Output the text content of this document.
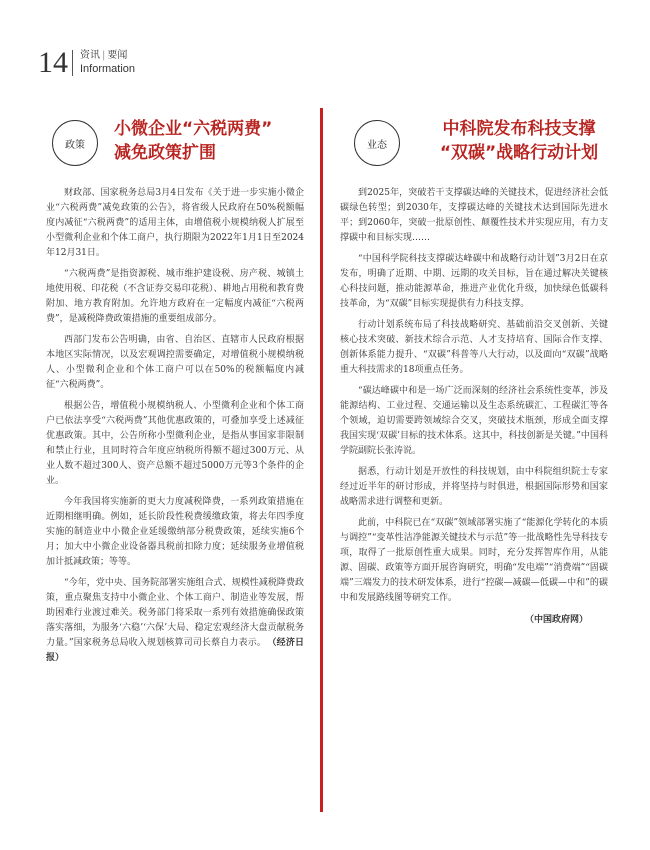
14 资讯 | 要闻
Information
政策
小微企业“六税两费”
减免政策扩围

财政部、国家税务总局3月4日发布《关于进一步实施小微企业“六税两费”减免政策的公告》，将省级人民政府在50%税额幅度内减征“六税两费”的适用主体，由增值税小规模纳税人扩展至小型微利企业和个体工商户，执行期限为2022年1月1日至2024年12月31日。

“六税两费”是指资源税、城市维护建设税、房产税、城镇土地使用税、印花税（不含证券交易印花税）、耕地占用税和教育费附加、地方教育附加。允许地方政府在一定幅度内减征“六税两费”，是减税降费政策措施的重要组成部分。

西部门发布公告明确，由省、自治区、直辖市人民政府根据本地区实际情况，以及宏观调控需要确定，对增值税小规模纳税人、小型微利企业和个体工商户可以在50%的税额幅度内减征“六税两费”。

根据公告，增值税小规模纳税人、小型微利企业和个体工商户已依法享受“六税两费”其他优惠政策的，可叠加享受上述减征优惠政策。其中，公告所称小型微利企业，是指从事国家非限制和禁止行业，且同时符合年度应纳税所得额不超过300万元、从业人数不超过300人、资产总额不超过5000万元等3个条件的企业。

今年我国将实施新的更大力度减税降费，一系列政策措施在近期相继明确。例如，延长阶段性税费缓缴政策，将去年四季度实施的制造业中小微企业延缓缴纳部分税费政策，延续实施6个月；加大中小微企业设备器具税前扣除力度；延续服务业增值税加计抵减政策；等等。

“今年，党中央、国务院部署实施组合式、规模性减税降费政策，重点聚焦支持中小微企业、个体工商户、制造业等发展，帮助困难行业渡过难关。税务部门将采取一系列有效措施确保政策落实落细，为服务‘六稳’‘六保’大局、稳定宏观经济大盘贡献税务力量。”国家税务总局收入规划核算司司长蔡自力表示。 （经济日报）

业态
中科院发布科技支撑
“双碳”战略行动计划

到2025年，突破若干支撑碳达峰的关键技术，促进经济社会低碳绿色转型；到2030年，支撑碳达峰的关键技术达到国际先进水平；到2060年，突破一批原创性、颠覆性技术并实现应用，有力支撑碳中和目标实现……

“中国科学院科技支撑碳达峰碳中和战略行动计划”3月2日在京发布，明确了近期、中期、远期的攻关目标，旨在通过解决关键核心科技问题，推动能源革命，推进产业优化升级，加快绿色低碳科技革命，为“双碳”目标实现提供有力科技支撑。

行动计划系统布局了科技战略研究、基础前沿交叉创新、关键核心技术突破、新技术综合示范、人才支持培育、国际合作支撑、创新体系能力提升、“双碳”科普等八大行动，以及面向“双碳”战略重大科技需求的18项重点任务。

“碳达峰碳中和是一场广泛而深刻的经济社会系统性变革，涉及能源结构、工业过程、交通运输以及生态系统碳汇、工程碳汇等各个领域，迫切需要跨领域综合交叉，突破技术瓶颈，形成全面支撑我国实现‘双碳’目标的技术体系。这其中，科技创新是关键。”中国科学院副院长张涛说。

据悉，行动计划是开放性的科技规划，由中科院组织院士专家经过近半年的研讨形成，并将坚持与时俱进，根据国际形势和国家战略需求进行调整和更新。

此前，中科院已在“双碳”领域部署实施了“能源化学转化的本质与调控”“变革性洁净能源关键技术与示范”等一批战略性先导科技专项，取得了一批原创性重大成果。同时，充分发挥智库作用，从能源、固碳、政策等方面开展咨询研究，明确“发电端”“消费端”“固碳端”三端发力的技术研发体系，进行“控碳—减碳—低碳—中和”的碳中和发展路线图等研究工作。

（中国政府网）
